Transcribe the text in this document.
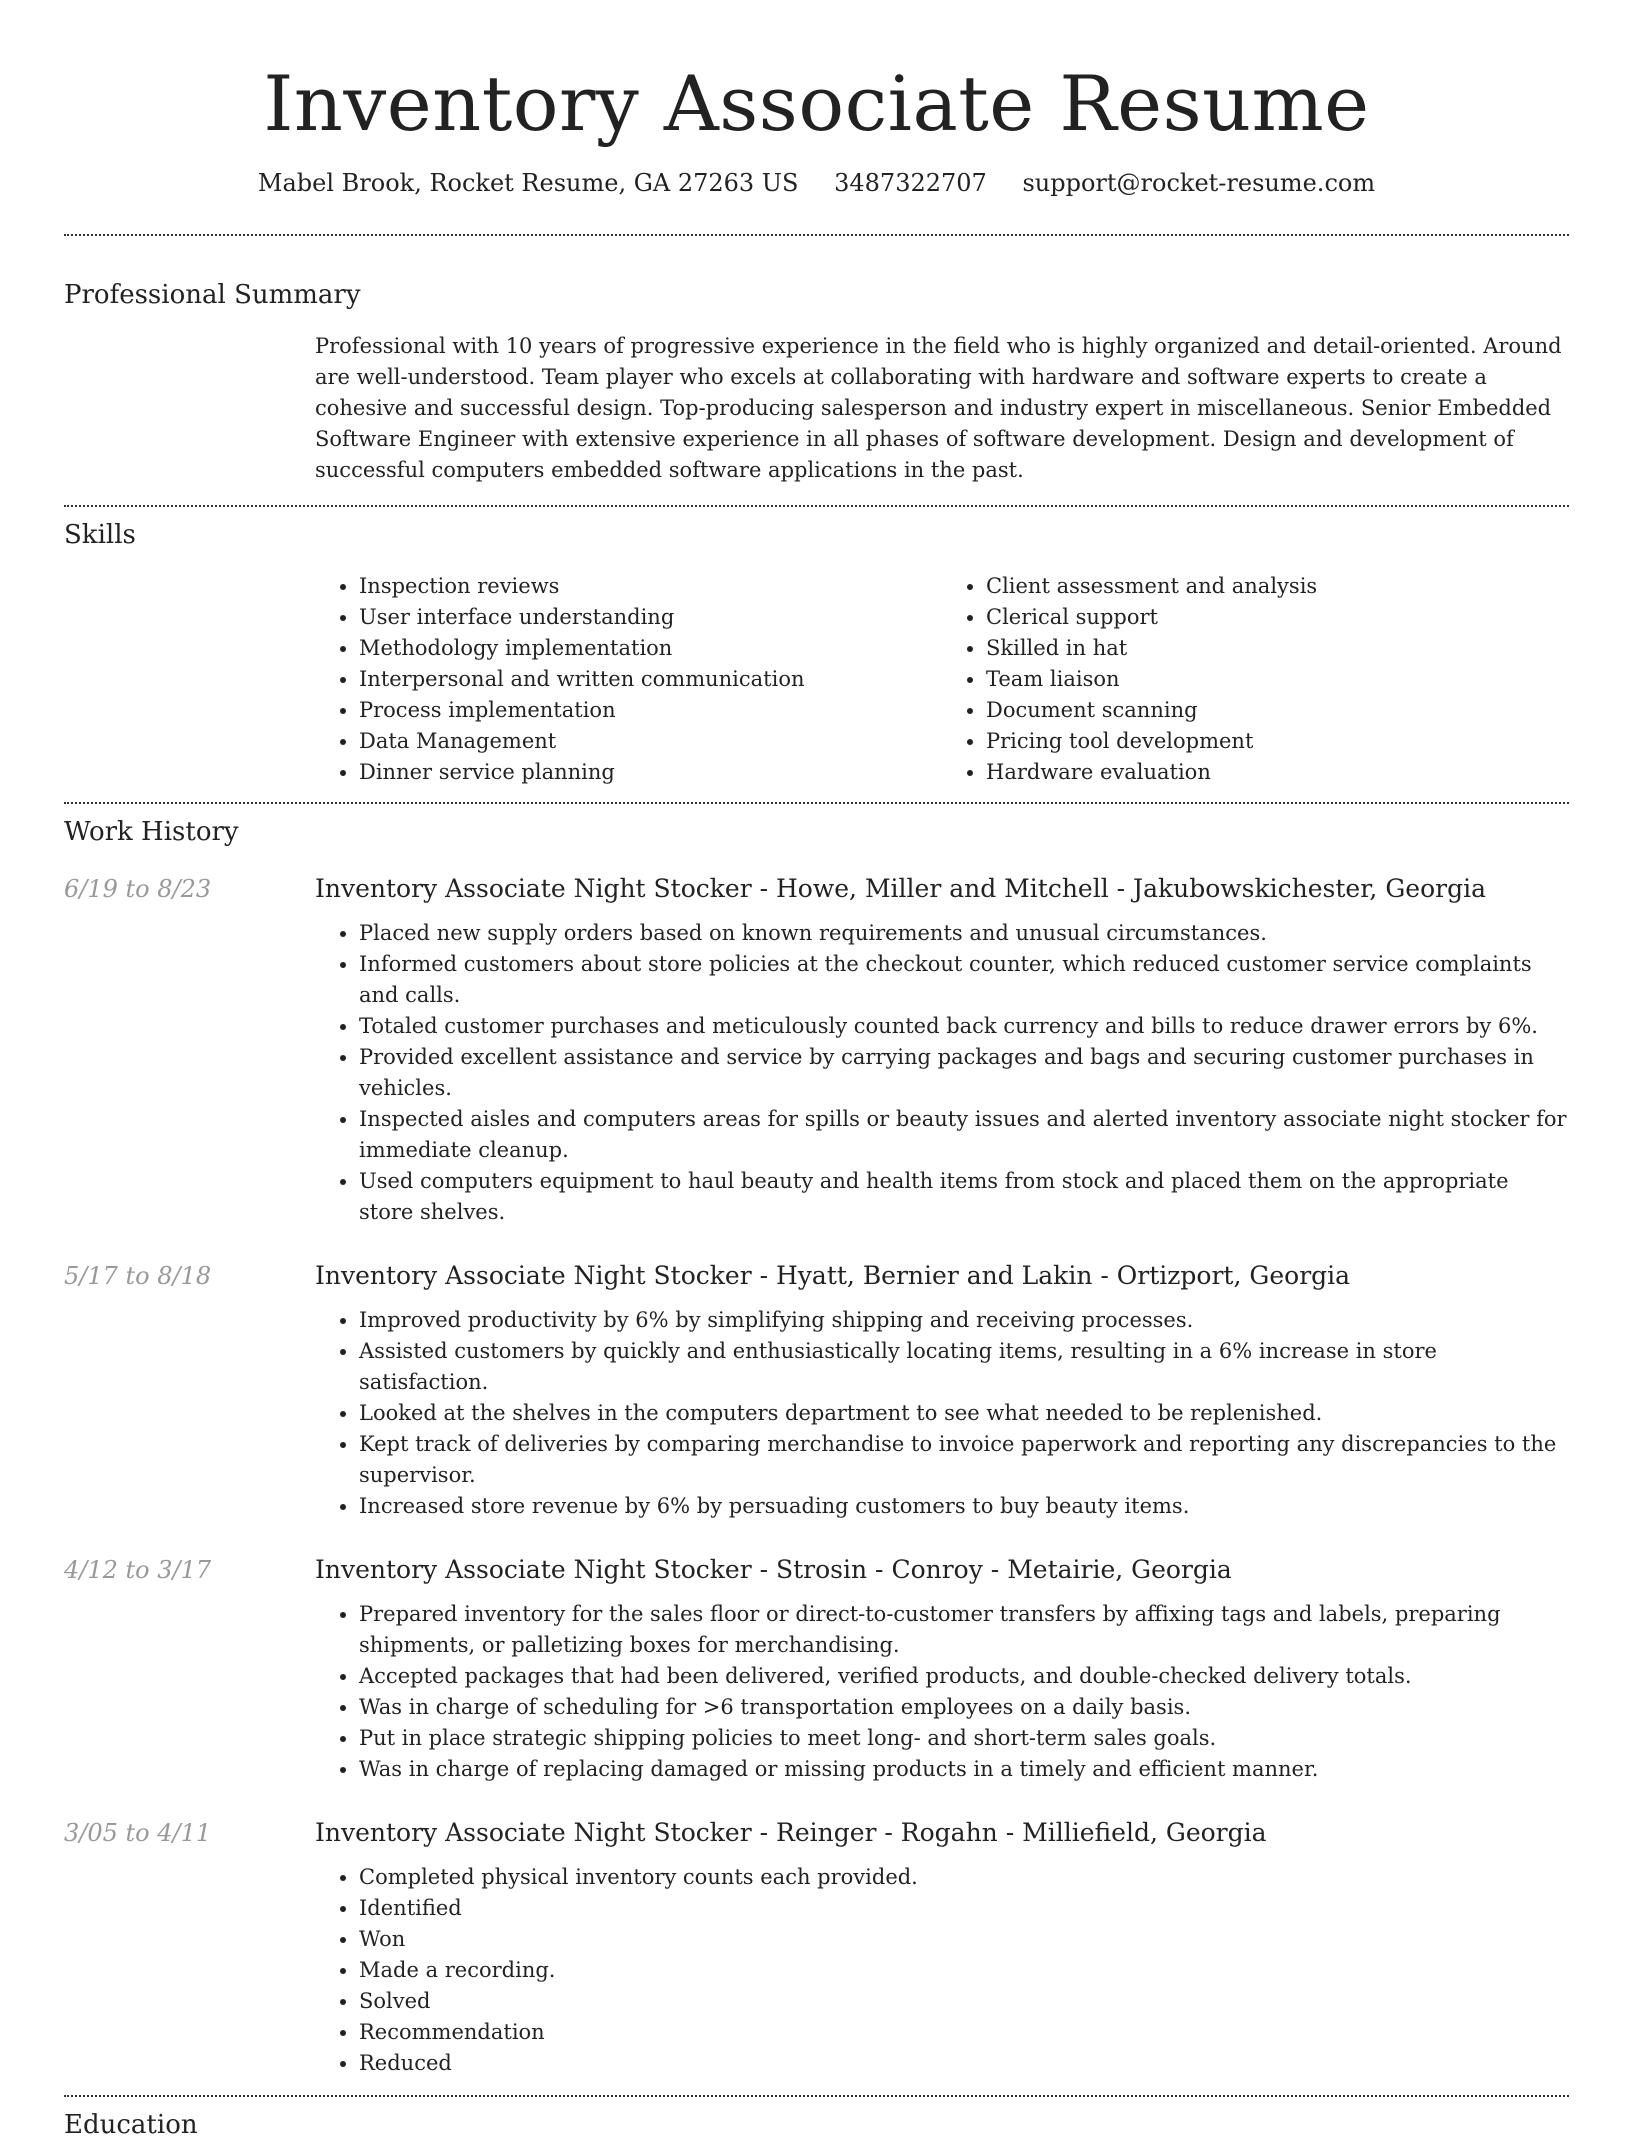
Inventory Associate Resume
Mabel Brook, Rocket Resume, GA 27263 US 3487322707 support@rocket-resume.com
Professional Summary
Professional with 10 years of progressive experience in the field who is highly organized and detail-oriented. Around are well-understood. Team player who excels at collaborating with hardware and software experts to create a cohesive and successful design. Top-producing salesperson and industry expert in miscellaneous. Senior Embedded Software Engineer with extensive experience in all phases of software development. Design and development of successful computers embedded software applications in the past.
Skills
• Inspection reviews
• User interface understanding
• Methodology implementation
• Interpersonal and written communication
• Process implementation
• Data Management
• Dinner service planning
• Client assessment and analysis
• Clerical support
• Skilled in hat
• Team liaison
• Document scanning
• Pricing tool development
• Hardware evaluation
Work History
6/19 to 8/23	Inventory Associate Night Stocker - Howe, Miller and Mitchell - Jakubowskichester, Georgia
• Placed new supply orders based on known requirements and unusual circumstances.
• Informed customers about store policies at the checkout counter, which reduced customer service complaints and calls.
• Totaled customer purchases and meticulously counted back currency and bills to reduce drawer errors by 6%.
• Provided excellent assistance and service by carrying packages and bags and securing customer purchases in vehicles.
• Inspected aisles and computers areas for spills or beauty issues and alerted inventory associate night stocker for immediate cleanup.
• Used computers equipment to haul beauty and health items from stock and placed them on the appropriate store shelves.
5/17 to 8/18	Inventory Associate Night Stocker - Hyatt, Bernier and Lakin - Ortizport, Georgia
• Improved productivity by 6% by simplifying shipping and receiving processes.
• Assisted customers by quickly and enthusiastically locating items, resulting in a 6% increase in store satisfaction.
• Looked at the shelves in the computers department to see what needed to be replenished.
• Kept track of deliveries by comparing merchandise to invoice paperwork and reporting any discrepancies to the supervisor.
• Increased store revenue by 6% by persuading customers to buy beauty items.
4/12 to 3/17	Inventory Associate Night Stocker - Strosin - Conroy - Metairie, Georgia
• Prepared inventory for the sales floor or direct-to-customer transfers by affixing tags and labels, preparing shipments, or palletizing boxes for merchandising.
• Accepted packages that had been delivered, verified products, and double-checked delivery totals.
• Was in charge of scheduling for >6 transportation employees on a daily basis.
• Put in place strategic shipping policies to meet long- and short-term sales goals.
• Was in charge of replacing damaged or missing products in a timely and efficient manner.
3/05 to 4/11	Inventory Associate Night Stocker - Reinger - Rogahn - Milliefield, Georgia
• Completed physical inventory counts each provided.
• Identified
• Won
• Made a recording.
• Solved
• Recommendation
• Reduced
Education
